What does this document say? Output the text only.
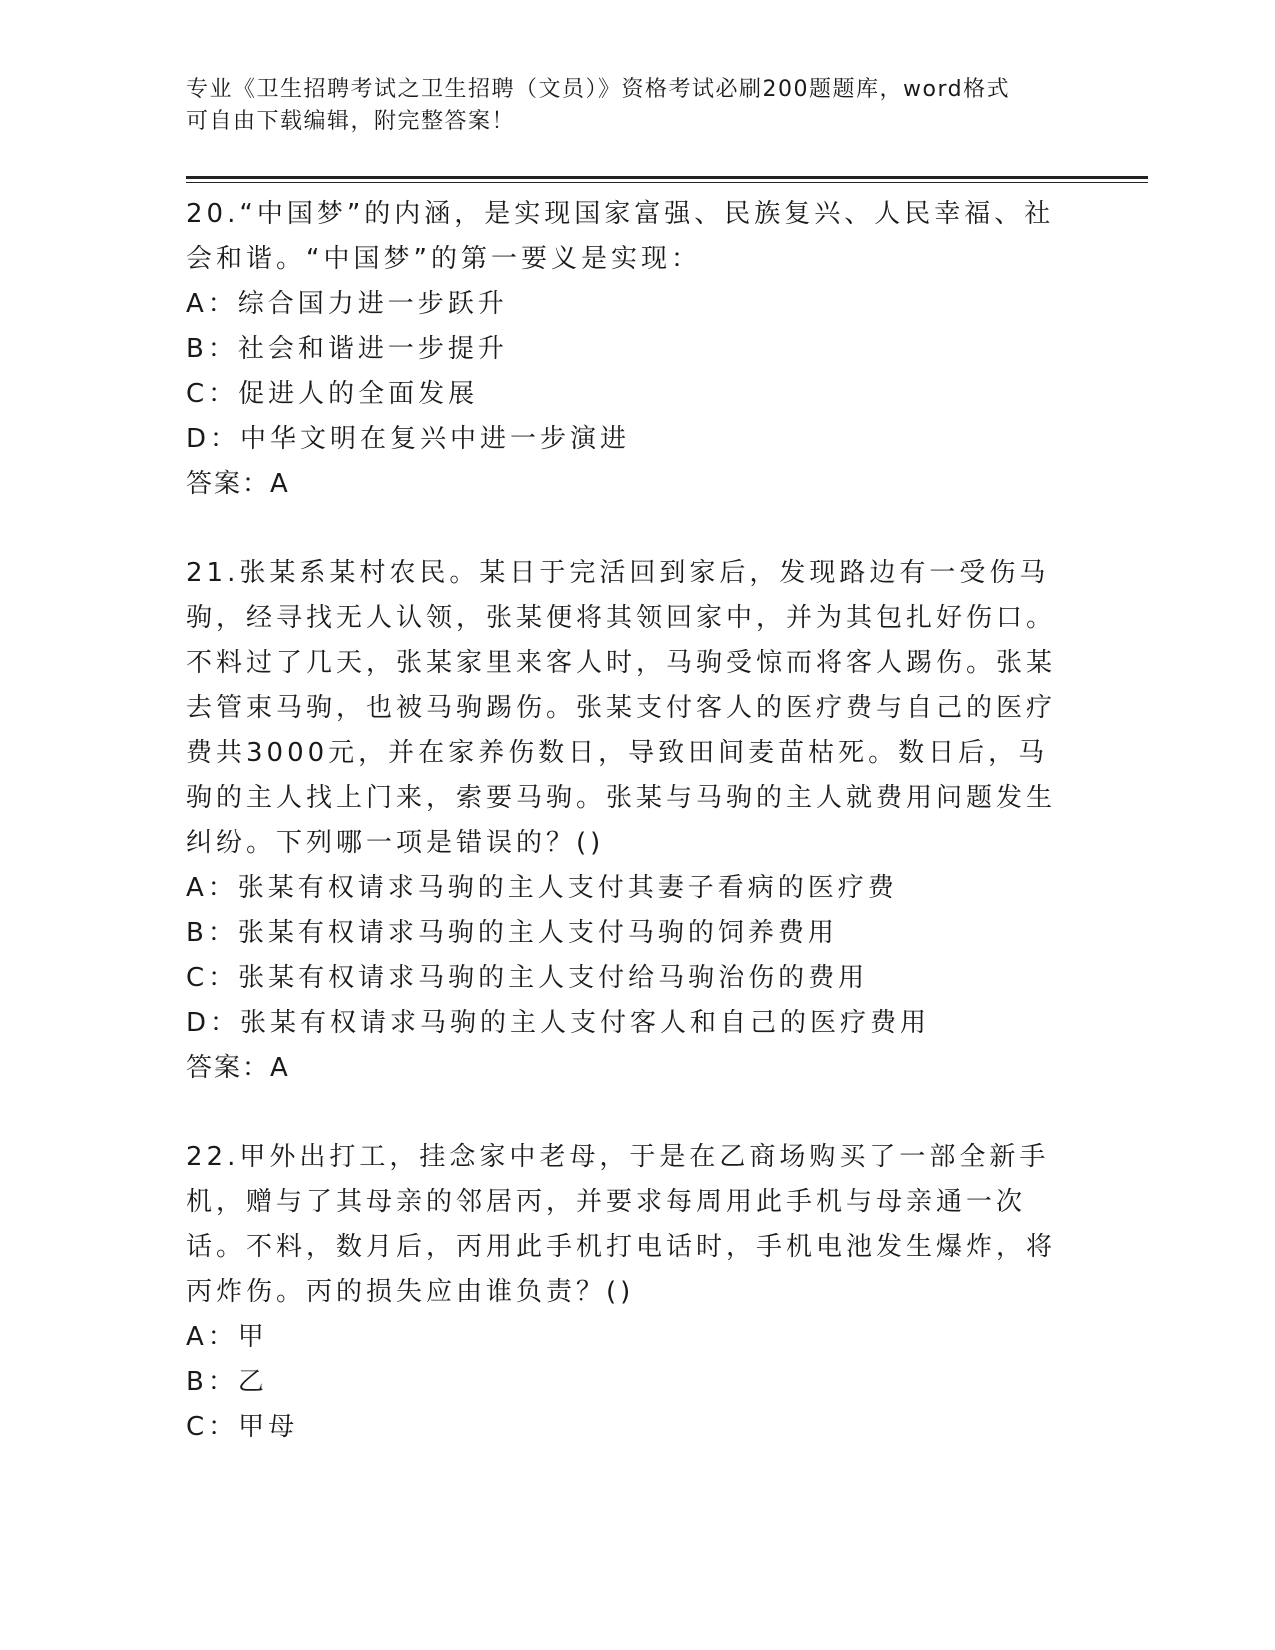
专业《卫生招聘考试之卫生招聘（文员）》资格考试必刷200题题库，word格式
可自由下载编辑，附完整答案！
20.“中国梦”的内涵，是实现国家富强、民族复兴、人民幸福、社会和谐。“中国梦”的第一要义是实现：
A：综合国力进一步跃升
B：社会和谐进一步提升
C：促进人的全面发展
D：中华文明在复兴中进一步演进
答案：A
21.张某系某村农民。某日于完活回到家后，发现路边有一受伤马驹，经寻找无人认领，张某便将其领回家中，并为其包扎好伤口。不料过了几天，张某家里来客人时，马驹受惊而将客人踢伤。张某去管束马驹，也被马驹踢伤。张某支付客人的医疗费与自己的医疗费共3000元，并在家养伤数日，导致田间麦苗枯死。数日后，马驹的主人找上门来，索要马驹。张某与马驹的主人就费用问题发生纠纷。下列哪一项是错误的？()
A：张某有权请求马驹的主人支付其妻子看病的医疗费
B：张某有权请求马驹的主人支付马驹的饲养费用
C：张某有权请求马驹的主人支付给马驹治伤的费用
D：张某有权请求马驹的主人支付客人和自己的医疗费用
答案：A
22.甲外出打工，挂念家中老母，于是在乙商场购买了一部全新手机，赠与了其母亲的邻居丙，并要求每周用此手机与母亲通一次话。不料，数月后，丙用此手机打电话时，手机电池发生爆炸，将丙炸伤。丙的损失应由谁负责？()
A：甲
B：乙
C：甲母
